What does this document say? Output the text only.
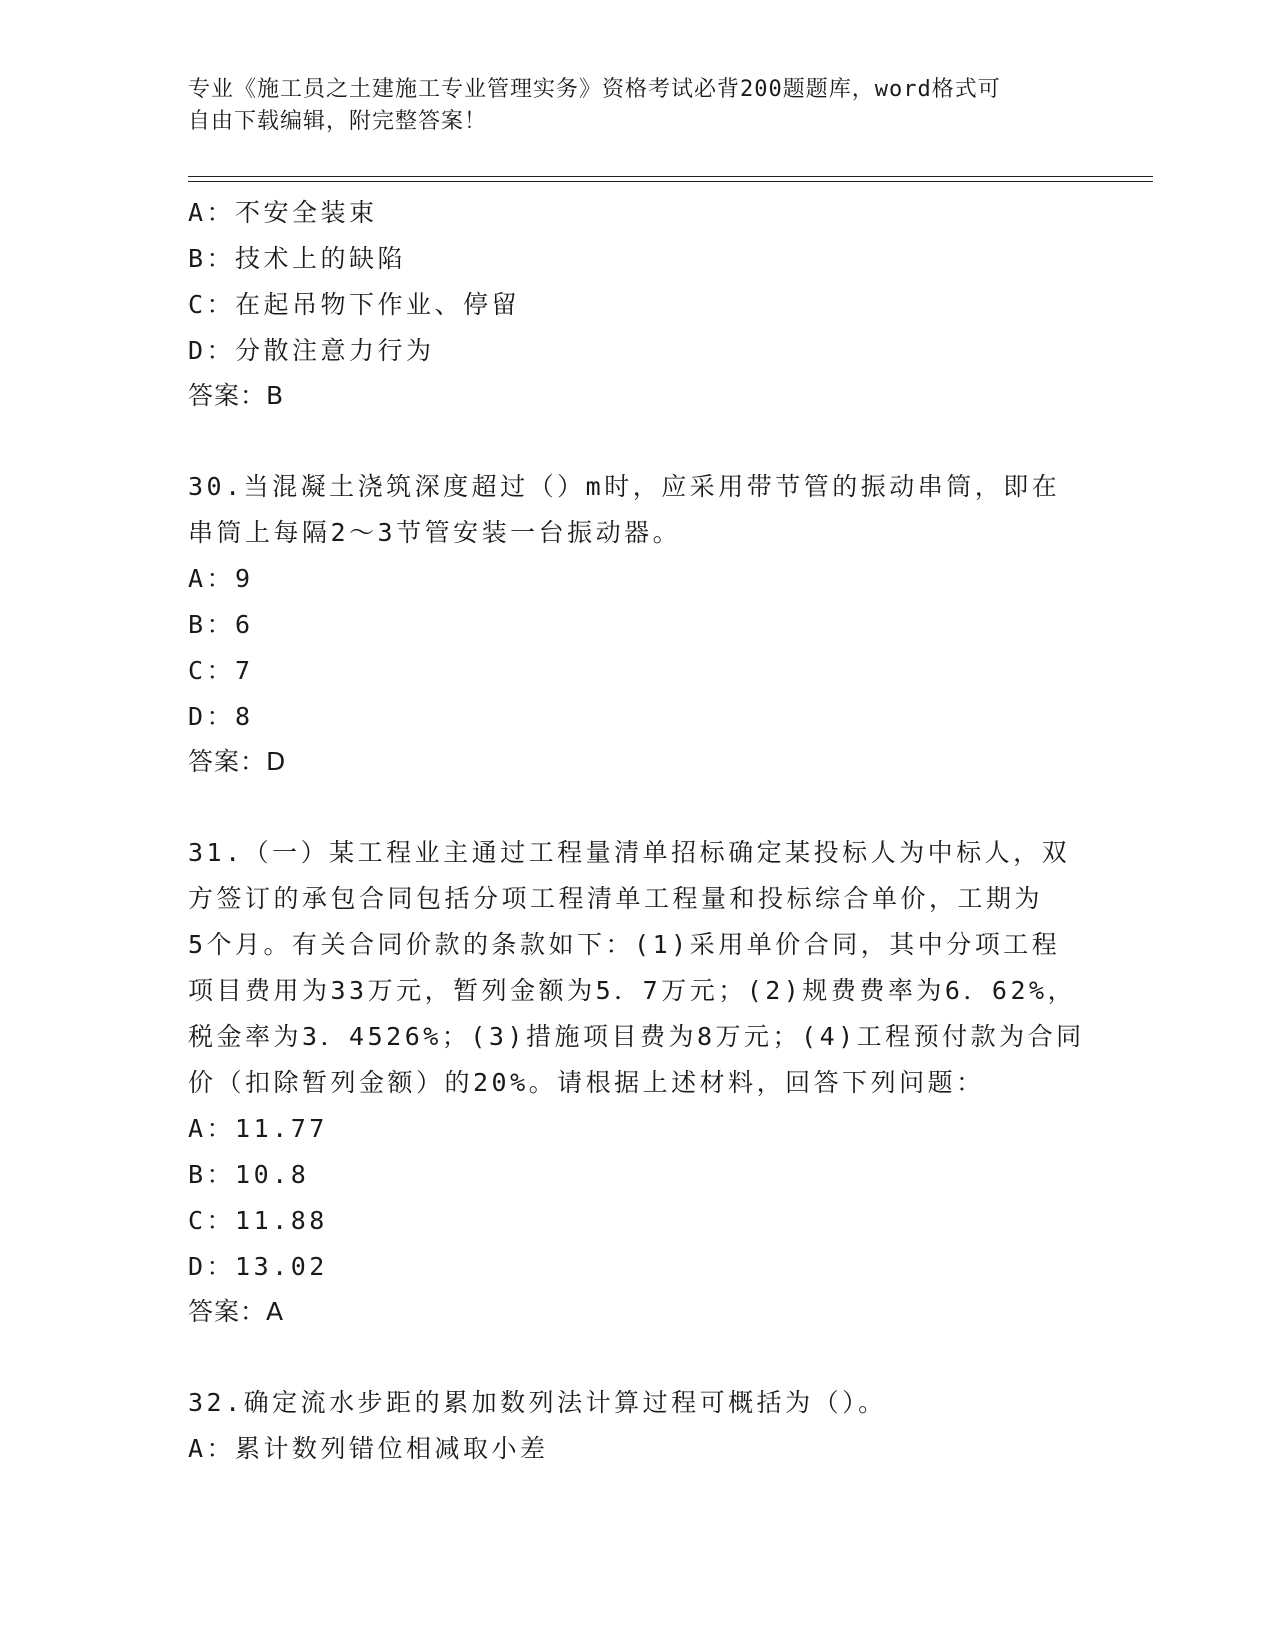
专业《施工员之土建施工专业管理实务》资格考试必背200题题库，word格式可
自由下载编辑，附完整答案！
A：不安全装束
B：技术上的缺陷
C：在起吊物下作业、停留
D：分散注意力行为
答案：B
30.当混凝土浇筑深度超过（）m时，应采用带节管的振动串筒，即在
串筒上每隔2～3节管安装一台振动器。
A：9
B：6
C：7
D：8
答案：D
31.（一）某工程业主通过工程量清单招标确定某投标人为中标人，双
方签订的承包合同包括分项工程清单工程量和投标综合单价，工期为
5个月。有关合同价款的条款如下：(1)采用单价合同，其中分项工程
项目费用为33万元，暂列金额为5．7万元；(2)规费费率为6．62%，
税金率为3．4526%；(3)措施项目费为8万元；(4)工程预付款为合同
价（扣除暂列金额）的20%。请根据上述材料，回答下列问题：
A：11.77
B：10.8
C：11.88
D：13.02
答案：A
32.确定流水步距的累加数列法计算过程可概括为（）。
A：累计数列错位相减取小差
